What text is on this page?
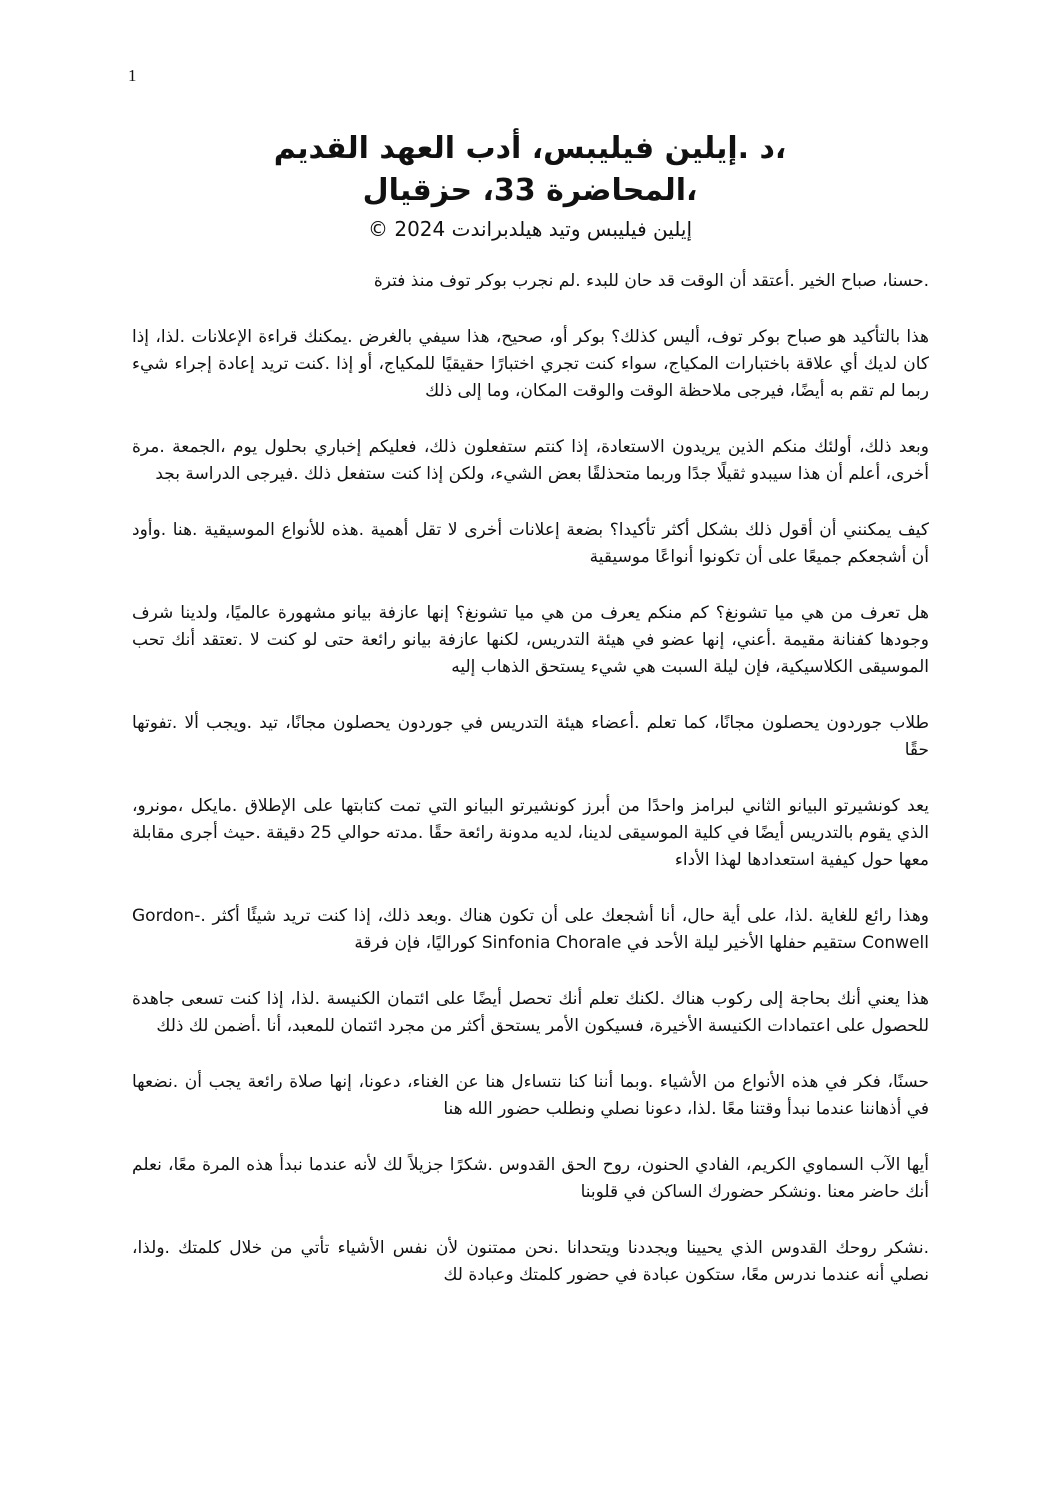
1

،د .إيلين فيليبس، أدب العهد القديم

،المحاضرة 33، حزقيال

إيلين فيليبس وتيد هيلدبراندت 2024 ©

.حسنا، صباح الخير .أعتقد أن الوقت قد حان للبدء .لم نجرب بوكر توف منذ فترة

هذا بالتأكيد هو صباح بوكر توف، أليس كذلك؟ بوكر أو، صحيح، هذا سيفي بالغرض .يمكنك قراءة الإعلانات .لذا، إذا كان لديك أي علاقة باختبارات المكياج، سواء كنت تجري اختبارًا حقيقيًا للمكياج، أو إذا .كنت تريد إعادة إجراء شيء ربما لم تقم به أيضًا، فيرجى ملاحظة الوقت والوقت المكان، وما إلى ذلك

وبعد ذلك، أولئك منكم الذين يريدون الاستعادة، إذا كنتم ستفعلون ذلك، فعليكم إخباري بحلول يوم ،الجمعة .مرة أخرى، أعلم أن هذا سيبدو ثقيلًا جدًا وربما متحذلقًا بعض الشيء، ولكن إذا كنت ستفعل ذلك .فيرجى الدراسة بجد

كيف يمكنني أن أقول ذلك بشكل أكثر تأكيدا؟ بضعة إعلانات أخرى لا تقل أهمية .هذه للأنواع الموسيقية .هنا .وأود أن أشجعكم جميعًا على أن تكونوا أنواعًا موسيقية

هل تعرف من هي ميا تشونغ؟ كم منكم يعرف من هي ميا تشونغ؟ إنها عازفة بيانو مشهورة عالميًا، ولدينا شرف وجودها كفنانة مقيمة .أعني، إنها عضو في هيئة التدريس، لكنها عازفة بيانو رائعة حتى لو كنت لا .تعتقد أنك تحب الموسيقى الكلاسيكية، فإن ليلة السبت هي شيء يستحق الذهاب إليه

طلاب جوردون يحصلون مجانًا، كما تعلم .أعضاء هيئة التدريس في جوردون يحصلون مجانًا، تيد .ويجب ألا .تفوتها حقًا

يعد كونشيرتو البيانو الثاني لبرامز واحدًا من أبرز كونشيرتو البيانو التي تمت كتابتها على الإطلاق .مايكل ،مونرو، الذي يقوم بالتدريس أيضًا في كلية الموسيقى لدينا، لديه مدونة رائعة حقًا .مدته حوالي 25 دقيقة .حيث أجرى مقابلة معها حول كيفية استعدادها لهذا الأداء

وهذا رائع للغاية .لذا، على أية حال، أنا أشجعك على أن تكون هناك .وبعد ذلك، إذا كنت تريد شيئًا أكثر .Gordon-Conwell ستقيم حفلها الأخير ليلة الأحد في Sinfonia Chorale كوراليًا، فإن فرقة

هذا يعني أنك بحاجة إلى ركوب هناك .لكنك تعلم أنك تحصل أيضًا على ائتمان الكنيسة .لذا، إذا كنت تسعى جاهدة للحصول على اعتمادات الكنيسة الأخيرة، فسيكون الأمر يستحق أكثر من مجرد ائتمان للمعبد، أنا .أضمن لك ذلك

حسنًا، فكر في هذه الأنواع من الأشياء .وبما أننا كنا نتساءل هنا عن الغناء، دعونا، إنها صلاة رائعة يجب أن .نضعها في أذهاننا عندما نبدأ وقتنا معًا .لذا، دعونا نصلي ونطلب حضور الله هنا

أيها الآب السماوي الكريم، الفادي الحنون، روح الحق القدوس .شكرًا جزيلاً لك لأنه عندما نبدأ هذه المرة معًا، نعلم أنك حاضر معنا .ونشكر حضورك الساكن في قلوبنا

.نشكر روحك القدوس الذي يحيينا ويجددنا ويتحدانا .نحن ممتنون لأن نفس الأشياء تأتي من خلال كلمتك .ولذا، نصلي أنه عندما ندرس معًا، ستكون عبادة في حضور كلمتك وعبادة لك
